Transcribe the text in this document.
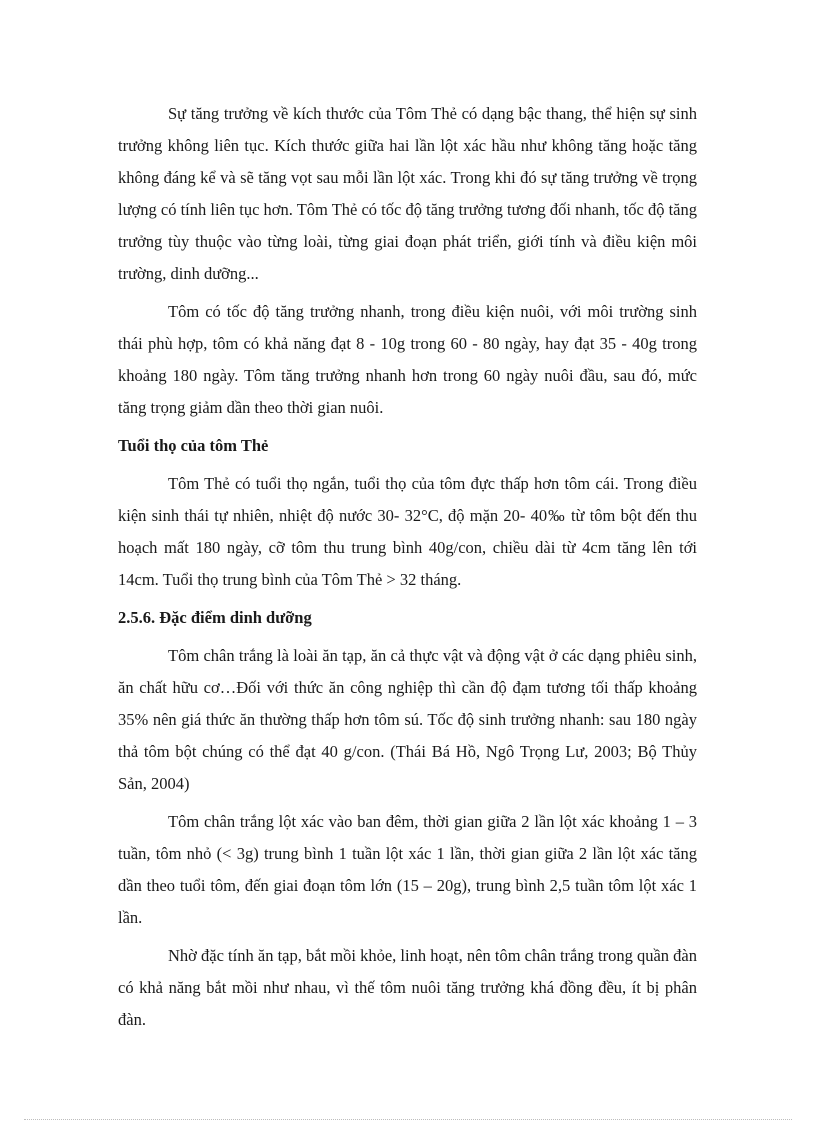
Sự tăng trưởng về kích thước của Tôm Thẻ có dạng bậc thang, thể hiện sự sinh trưởng không liên tục. Kích thước giữa hai lần lột xác hầu như không tăng hoặc tăng không đáng kể và sẽ tăng vọt sau mỗi lần lột xác. Trong khi đó sự tăng trưởng về trọng lượng có tính liên tục hơn. Tôm Thẻ có tốc độ tăng trưởng tương đối nhanh, tốc độ tăng trưởng tùy thuộc vào từng loài, từng giai đoạn phát triển, giới tính và điều kiện môi trường, dinh dưỡng...

Tôm có tốc độ tăng trưởng nhanh, trong điều kiện nuôi, với môi trường sinh thái phù hợp, tôm có khả năng đạt 8 - 10g trong 60 - 80 ngày, hay đạt 35 - 40g trong khoảng 180 ngày. Tôm tăng trưởng nhanh hơn trong 60 ngày nuôi đầu, sau đó, mức tăng trọng giảm dần theo thời gian nuôi.

Tuổi thọ của tôm Thẻ

Tôm Thẻ có tuổi thọ ngắn, tuổi thọ của tôm đực thấp hơn tôm cái. Trong điều kiện sinh thái tự nhiên, nhiệt độ nước 30- 32°C, độ mặn 20- 40‰ từ tôm bột đến thu hoạch mất 180 ngày, cỡ tôm thu trung bình 40g/con, chiều dài từ 4cm tăng lên tới 14cm. Tuổi thọ trung bình của Tôm Thẻ > 32 tháng.

2.5.6. Đặc điểm dinh dưỡng

Tôm chân trắng là loài ăn tạp, ăn cả thực vật và động vật ở các dạng phiêu sinh, ăn chất hữu cơ…Đối với thức ăn công nghiệp thì cần độ đạm tương tối thấp khoảng 35% nên giá thức ăn thường thấp hơn tôm sú. Tốc độ sinh trưởng nhanh: sau 180 ngày thả tôm bột chúng có thể đạt 40 g/con. (Thái Bá Hồ, Ngô Trọng Lư, 2003; Bộ Thủy Sản, 2004)

Tôm chân trắng lột xác vào ban đêm, thời gian giữa 2 lần lột xác khoảng 1 – 3 tuần, tôm nhỏ (< 3g) trung bình 1 tuần lột xác 1 lần, thời gian giữa 2 lần lột xác tăng dần theo tuổi tôm, đến giai đoạn tôm lớn (15 – 20g), trung bình 2,5 tuần tôm lột xác 1 lần.

Nhờ đặc tính ăn tạp, bắt mồi khỏe, linh hoạt, nên tôm chân trắng trong quần đàn có khả năng bắt mồi như nhau, vì thế tôm nuôi tăng trưởng khá đồng đều, ít bị phân đàn.
